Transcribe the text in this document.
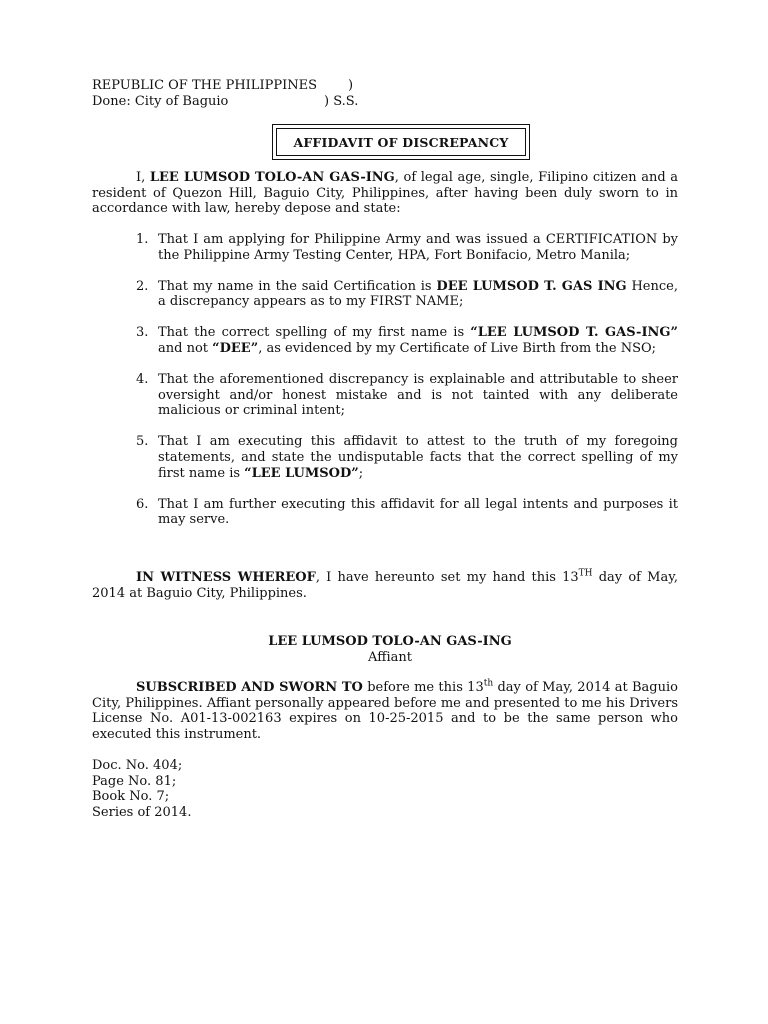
REPUBLIC OF THE PHILIPPINES	)
Done: City of Baguio	) S.S.
AFFIDAVIT OF DISCREPANCY
I, LEE LUMSOD TOLO-AN GAS-ING, of legal age, single, Filipino citizen and a resident of Quezon Hill, Baguio City, Philippines, after having been duly sworn to in accordance with law, hereby depose and state:
1. That I am applying for Philippine Army and was issued a CERTIFICATION by the Philippine Army Testing Center, HPA, Fort Bonifacio, Metro Manila;
2. That my name in the said Certification is DEE LUMSOD T. GAS ING Hence, a discrepancy appears as to my FIRST NAME;
3. That the correct spelling of my first name is “LEE LUMSOD T. GAS-ING” and not “DEE”, as evidenced by my Certificate of Live Birth from the NSO;
4. That the aforementioned discrepancy is explainable and attributable to sheer oversight and/or honest mistake and is not tainted with any deliberate malicious or criminal intent;
5. That I am executing this affidavit to attest to the truth of my foregoing statements, and state the undisputable facts that the correct spelling of my first name is “LEE LUMSOD”;
6. That I am further executing this affidavit for all legal intents and purposes it may serve.
IN WITNESS WHEREOF, I have hereunto set my hand this 13TH day of May, 2014 at Baguio City, Philippines.
LEE LUMSOD TOLO-AN GAS-ING
Affiant
SUBSCRIBED AND SWORN TO before me this 13th day of May, 2014 at Baguio City, Philippines. Affiant personally appeared before me and presented to me his Drivers License No. A01-13-002163 expires on 10-25-2015 and to be the same person who executed this instrument.
Doc. No. 404;
Page No. 81;
Book No. 7;
Series of 2014.
